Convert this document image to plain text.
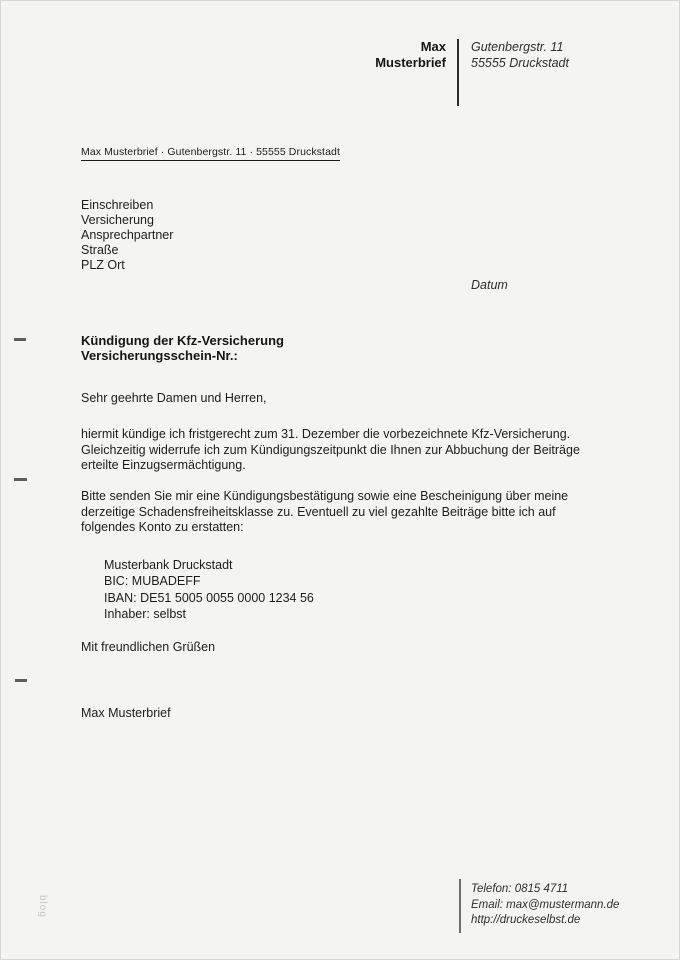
Max
Musterbrief
Gutenbergstr. 11
55555 Druckstadt
Max Musterbrief · Gutenbergstr. 11 · 55555 Druckstadt
Einschreiben
Versicherung
Ansprechpartner
Straße
PLZ Ort
Datum
Kündigung der Kfz-Versicherung
Versicherungsschein-Nr.:
Sehr geehrte Damen und Herren,
hiermit kündige ich fristgerecht zum 31. Dezember die vorbezeichnete Kfz-Versicherung.
Gleichzeitig widerrufe ich zum Kündigungszeitpunkt die Ihnen zur Abbuchung der Beiträge
erteilte Einzugsermächtigung.
Bitte senden Sie mir eine Kündigungsbestätigung sowie eine Bescheinigung über meine
derzeitige Schadensfreiheitsklasse zu. Eventuell zu viel gezahlte Beiträge bitte ich auf
folgendes Konto zu erstatten:
Musterbank Druckstadt
BIC: MUBADEFF
IBAN: DE51 5005 0055 0000 1234 56
Inhaber: selbst
Mit freundlichen Grüßen
Max Musterbrief
Telefon: 0815 4711
Email: max@mustermann.de
http://druckeselbst.de
blog
